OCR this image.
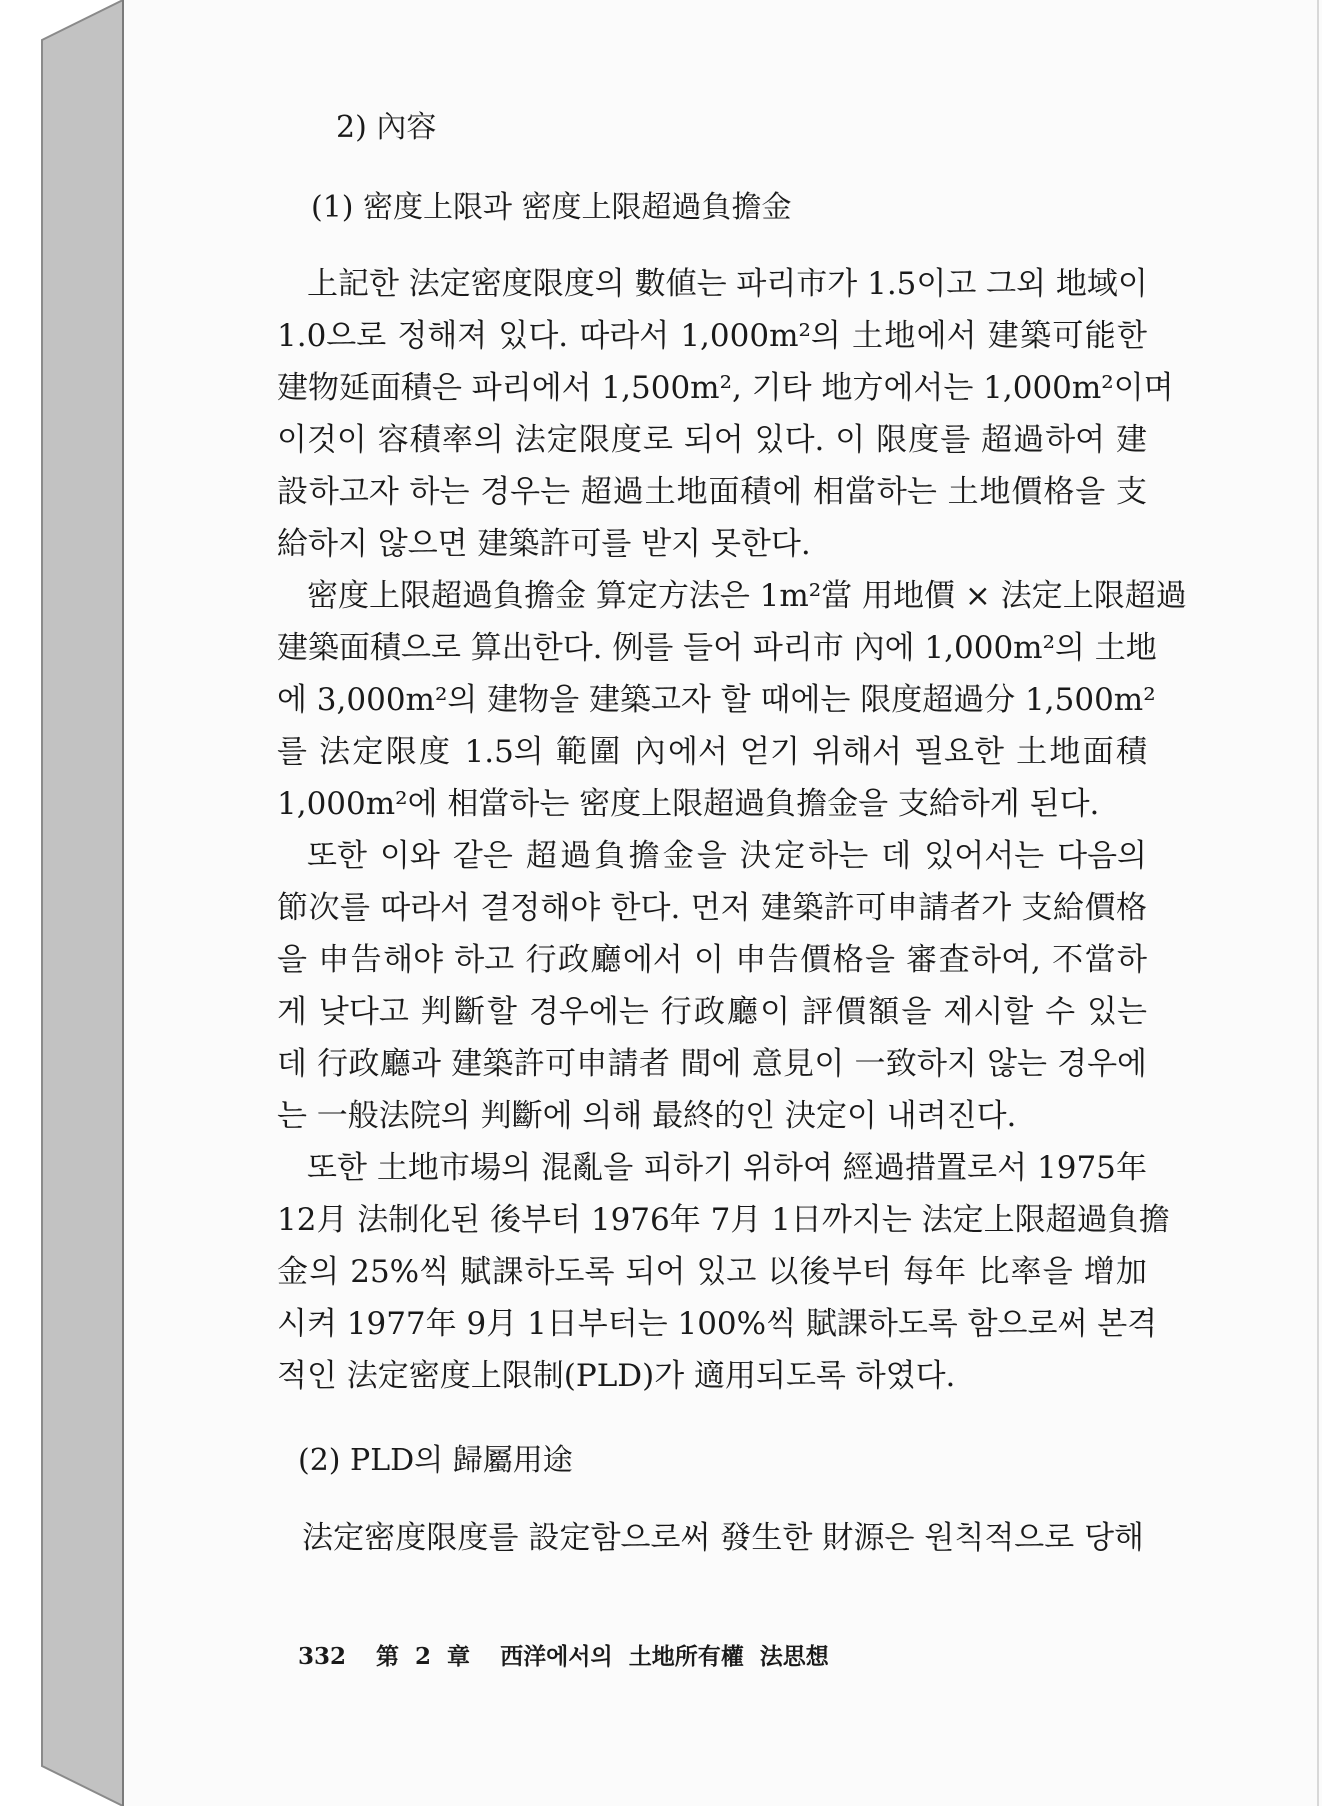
2) 內容
(1) 密度上限과 密度上限超過負擔金
上記한 法定密度限度의 數値는 파리市가 1.5이고 그외 地域이
1.0으로 정해져 있다. 따라서 1,000m²의 土地에서 建築可能한
建物延面積은 파리에서 1,500m², 기타 地方에서는 1,000m²이며
이것이 容積率의 法定限度로 되어 있다. 이 限度를 超過하여 建
設하고자 하는 경우는 超過土地面積에 相當하는 土地價格을 支
給하지 않으면 建築許可를 받지 못한다.
密度上限超過負擔金 算定方法은 1m²當 用地價 × 法定上限超過
建築面積으로 算出한다. 例를 들어 파리市 內에 1,000m²의 土地
에 3,000m²의 建物을 建築고자 할 때에는 限度超過分 1,500m²
를 法定限度 1.5의 範圍 內에서 얻기 위해서 필요한 土地面積
1,000m²에 相當하는 密度上限超過負擔金을 支給하게 된다.
또한 이와 같은 超過負擔金을 決定하는 데 있어서는 다음의
節次를 따라서 결정해야 한다. 먼저 建築許可申請者가 支給價格
을 申告해야 하고 行政廳에서 이 申告價格을 審査하여, 不當하
게 낮다고 判斷할 경우에는 行政廳이 評價額을 제시할 수 있는
데 行政廳과 建築許可申請者 間에 意見이 一致하지 않는 경우에
는 一般法院의 判斷에 의해 最終的인 決定이 내려진다.
또한 土地市場의 混亂을 피하기 위하여 經過措置로서 1975年
12月 法制化된 後부터 1976年 7月 1日까지는 法定上限超過負擔
金의 25%씩 賦課하도록 되어 있고 以後부터 每年 比率을 增加
시켜 1977年 9月 1日부터는 100%씩 賦課하도록 함으로써 본격
적인 法定密度上限制(PLD)가 適用되도록 하였다.
(2) PLD의 歸屬用途
法定密度限度를 設定함으로써 發生한 財源은 원칙적으로 당해
332 第 2 章 西洋에서의 土地所有權 法思想
